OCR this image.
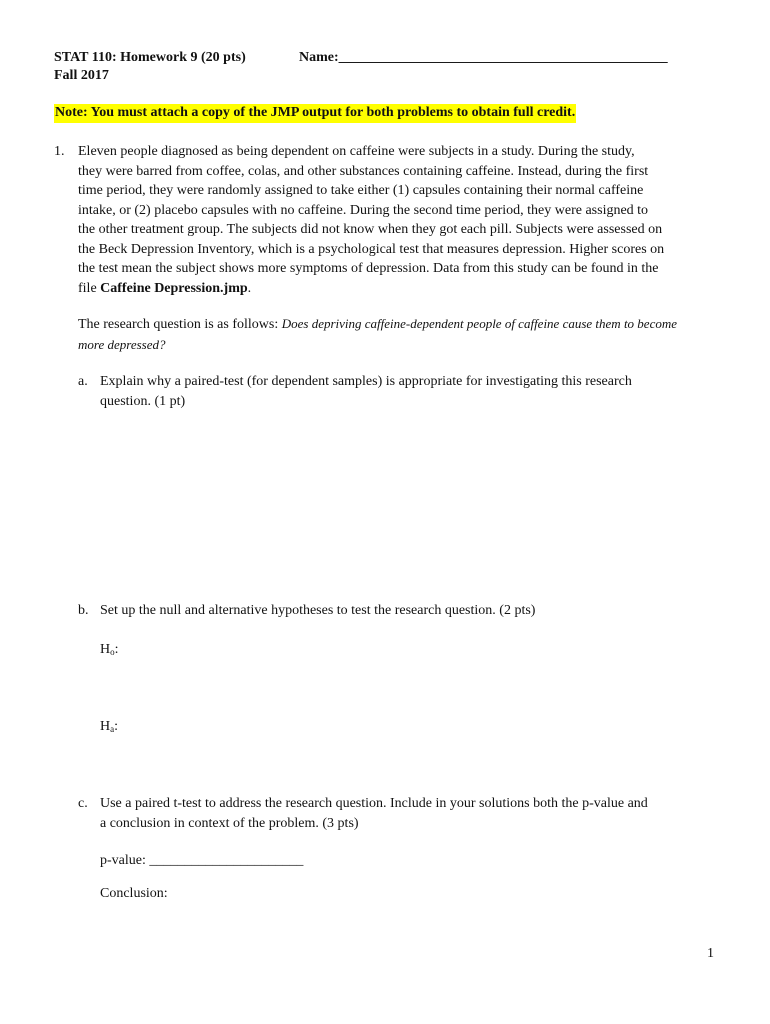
STAT 110: Homework 9 (20 pts)	Name:_______________________________________________
Fall 2017
Note: You must attach a copy of the JMP output for both problems to obtain full credit.
1. Eleven people diagnosed as being dependent on caffeine were subjects in a study. During the study,
they were barred from coffee, colas, and other substances containing caffeine. Instead, during the first
time period, they were randomly assigned to take either (1) capsules containing their normal caffeine
intake, or (2) placebo capsules with no caffeine. During the second time period, they were assigned to
the other treatment group. The subjects did not know when they got each pill. Subjects were assessed on
the Beck Depression Inventory, which is a psychological test that measures depression. Higher scores on
the test mean the subject shows more symptoms of depression. Data from this study can be found in the
file Caffeine Depression.jmp.
The research question is as follows: Does depriving caffeine-dependent people of caffeine cause them to become
more depressed?
a. Explain why a paired-test (for dependent samples) is appropriate for investigating this research
question. (1 pt)
b. Set up the null and alternative hypotheses to test the research question. (2 pts)
$H_o$:
$H_a$:
c. Use a paired t-test to address the research question. Include in your solutions both the p-value and
a conclusion in context of the problem. (3 pts)
p-value: ______________________
Conclusion:
1
